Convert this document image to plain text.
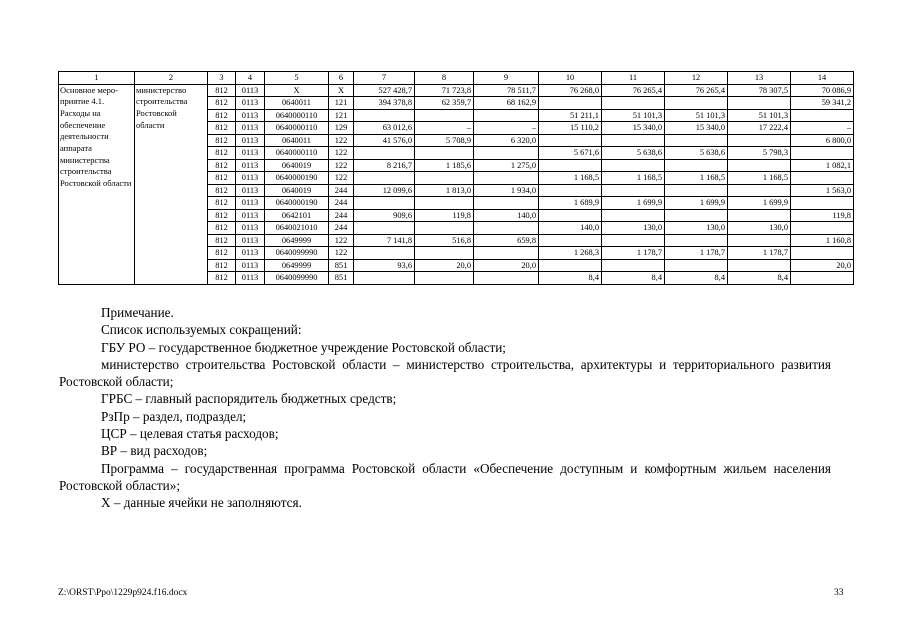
1	2	3	4	5	6	7	8	9	10	11	12	13	14
Основное меро-приятие 4.1. Расходы на обеспечение деятельности аппарата министерства строительства Ростовской области	министерство строительства Ростовской области	812	0113	Х	Х	527 428,7	71 723,8	78 511,7	76 268,0	76 265,4	76 265,4	78 307,5	70 086,9
		812	0113	0640011	121	394 378,8	62 359,7	68 162,9					59 341,2
		812	0113	0640000110	121				51 211,1	51 101,3	51 101,3	51 101,3	
		812	0113	0640000110	129	63 012,6	–	–	15 110,2	15 340,0	15 340,0	17 222,4	–
		812	0113	0640011	122	41 576,0	5 708,9	6 320,0					6 800,0
		812	0113	0640000110	122				5 671,6	5 638,6	5 638,6	5 798,3	
		812	0113	0640019	122	8 216,7	1 185,6	1 275,0					1 082,1
		812	0113	0640000190	122				1 168,5	1 168,5	1 168,5	1 168,5	
		812	0113	0640019	244	12 099,6	1 813,0	1 934,0					1 563,0
		812	0113	0640000190	244				1 689,9	1 699,9	1 699,9	1 699,9	
		812	0113	0642101	244	909,6	119,8	140,0					119,8
		812	0113	0640021010	244				140,0	130,0	130,0	130,0	
		812	0113	0649999	122	7 141,8	516,8	659,8					1 160,8
		812	0113	0640099990	122				1 268,3	1 178,7	1 178,7	1 178,7	
		812	0113	0649999	851	93,6	20,0	20,0					20,0
		812	0113	0640099990	851				8,4	8,4	8,4	8,4	

Примечание.

Список используемых сокращений:

ГБУ РО – государственное бюджетное учреждение Ростовской области;

министерство строительства Ростовской области – министерство строительства, архитектуры и территориального развития Ростовской области;

ГРБС – главный распорядитель бюджетных средств;

РзПр – раздел, подраздел;

ЦСР – целевая статья расходов;

ВР – вид расходов;

Программа – государственная программа Ростовской области «Обеспечение доступным и комфортным жильем населения Ростовской области»;

Х – данные ячейки не заполняются.

Z:\ORST\Ppo\1229p924.f16.docx	33
